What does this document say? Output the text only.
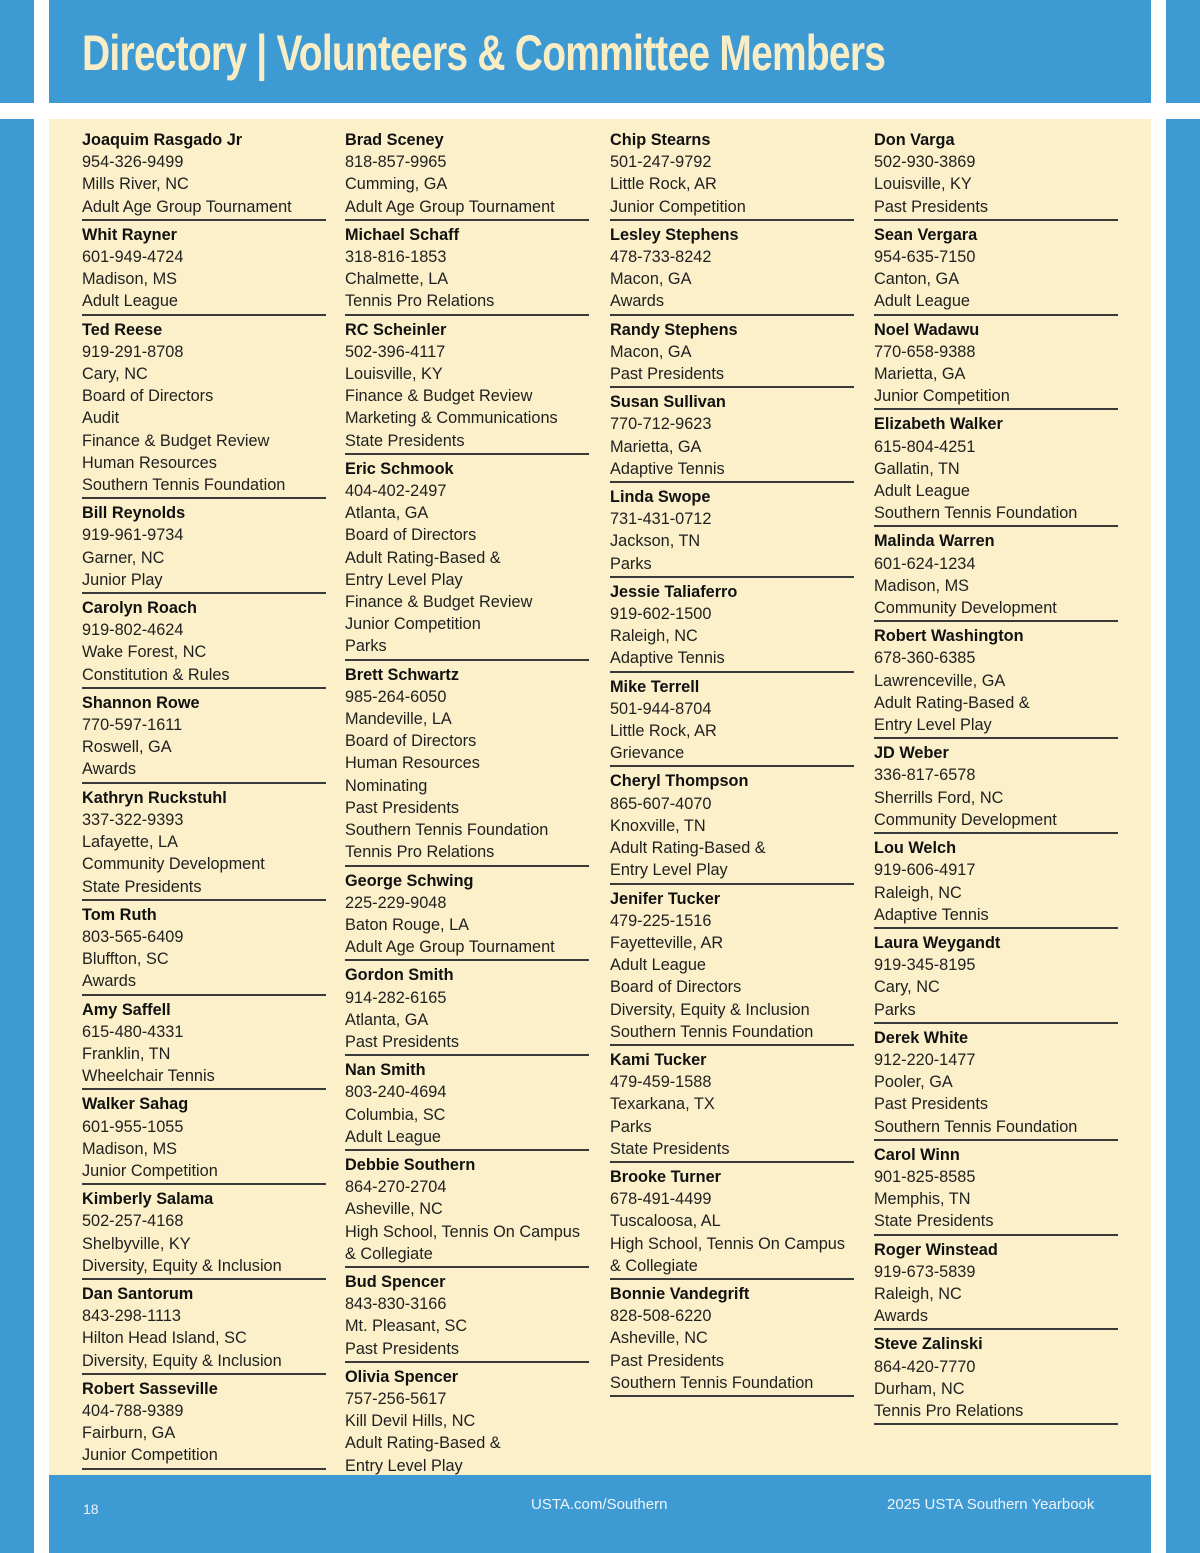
Directory | Volunteers & Committee Members
Joaquim Rasgado Jr
954-326-9499
Mills River, NC
Adult Age Group Tournament
Whit Rayner
601-949-4724
Madison, MS
Adult League
Ted Reese
919-291-8708
Cary, NC
Board of Directors
Audit
Finance & Budget Review
Human Resources
Southern Tennis Foundation
Bill Reynolds
919-961-9734
Garner, NC
Junior Play
Carolyn Roach
919-802-4624
Wake Forest, NC
Constitution & Rules
Shannon Rowe
770-597-1611
Roswell, GA
Awards
Kathryn Ruckstuhl
337-322-9393
Lafayette, LA
Community Development
State Presidents
Tom Ruth
803-565-6409
Bluffton, SC
Awards
Amy Saffell
615-480-4331
Franklin, TN
Wheelchair Tennis
Walker Sahag
601-955-1055
Madison, MS
Junior Competition
Kimberly Salama
502-257-4168
Shelbyville, KY
Diversity, Equity & Inclusion
Dan Santorum
843-298-1113
Hilton Head Island, SC
Diversity, Equity & Inclusion
Robert Sasseville
404-788-9389
Fairburn, GA
Junior Competition
Brad Sceney
818-857-9965
Cumming, GA
Adult Age Group Tournament
Michael Schaff
318-816-1853
Chalmette, LA
Tennis Pro Relations
RC Scheinler
502-396-4117
Louisville, KY
Finance & Budget Review
Marketing & Communications
State Presidents
Eric Schmook
404-402-2497
Atlanta, GA
Board of Directors
Adult Rating-Based &
Entry Level Play
Finance & Budget Review
Junior Competition
Parks
Brett Schwartz
985-264-6050
Mandeville, LA
Board of Directors
Human Resources
Nominating
Past Presidents
Southern Tennis Foundation
Tennis Pro Relations
George Schwing
225-229-9048
Baton Rouge, LA
Adult Age Group Tournament
Gordon Smith
914-282-6165
Atlanta, GA
Past Presidents
Nan Smith
803-240-4694
Columbia, SC
Adult League
Debbie Southern
864-270-2704
Asheville, NC
High School, Tennis On Campus
& Collegiate
Bud Spencer
843-830-3166
Mt. Pleasant, SC
Past Presidents
Olivia Spencer
757-256-5617
Kill Devil Hills, NC
Adult Rating-Based &
Entry Level Play
Chip Stearns
501-247-9792
Little Rock, AR
Junior Competition
Lesley Stephens
478-733-8242
Macon, GA
Awards
Randy Stephens
Macon, GA
Past Presidents
Susan Sullivan
770-712-9623
Marietta, GA
Adaptive Tennis
Linda Swope
731-431-0712
Jackson, TN
Parks
Jessie Taliaferro
919-602-1500
Raleigh, NC
Adaptive Tennis
Mike Terrell
501-944-8704
Little Rock, AR
Grievance
Cheryl Thompson
865-607-4070
Knoxville, TN
Adult Rating-Based &
Entry Level Play
Jenifer Tucker
479-225-1516
Fayetteville, AR
Adult League
Board of Directors
Diversity, Equity & Inclusion
Southern Tennis Foundation
Kami Tucker
479-459-1588
Texarkana, TX
Parks
State Presidents
Brooke Turner
678-491-4499
Tuscaloosa, AL
High School, Tennis On Campus
& Collegiate
Bonnie Vandegrift
828-508-6220
Asheville, NC
Past Presidents
Southern Tennis Foundation
Don Varga
502-930-3869
Louisville, KY
Past Presidents
Sean Vergara
954-635-7150
Canton, GA
Adult League
Noel Wadawu
770-658-9388
Marietta, GA
Junior Competition
Elizabeth Walker
615-804-4251
Gallatin, TN
Adult League
Southern Tennis Foundation
Malinda Warren
601-624-1234
Madison, MS
Community Development
Robert Washington
678-360-6385
Lawrenceville, GA
Adult Rating-Based &
Entry Level Play
JD Weber
336-817-6578
Sherrills Ford, NC
Community Development
Lou Welch
919-606-4917
Raleigh, NC
Adaptive Tennis
Laura Weygandt
919-345-8195
Cary, NC
Parks
Derek White
912-220-1477
Pooler, GA
Past Presidents
Southern Tennis Foundation
Carol Winn
901-825-8585
Memphis, TN
State Presidents
Roger Winstead
919-673-5839
Raleigh, NC
Awards
Steve Zalinski
864-420-7770
Durham, NC
Tennis Pro Relations
18	USTA.com/Southern	2025 USTA Southern Yearbook
